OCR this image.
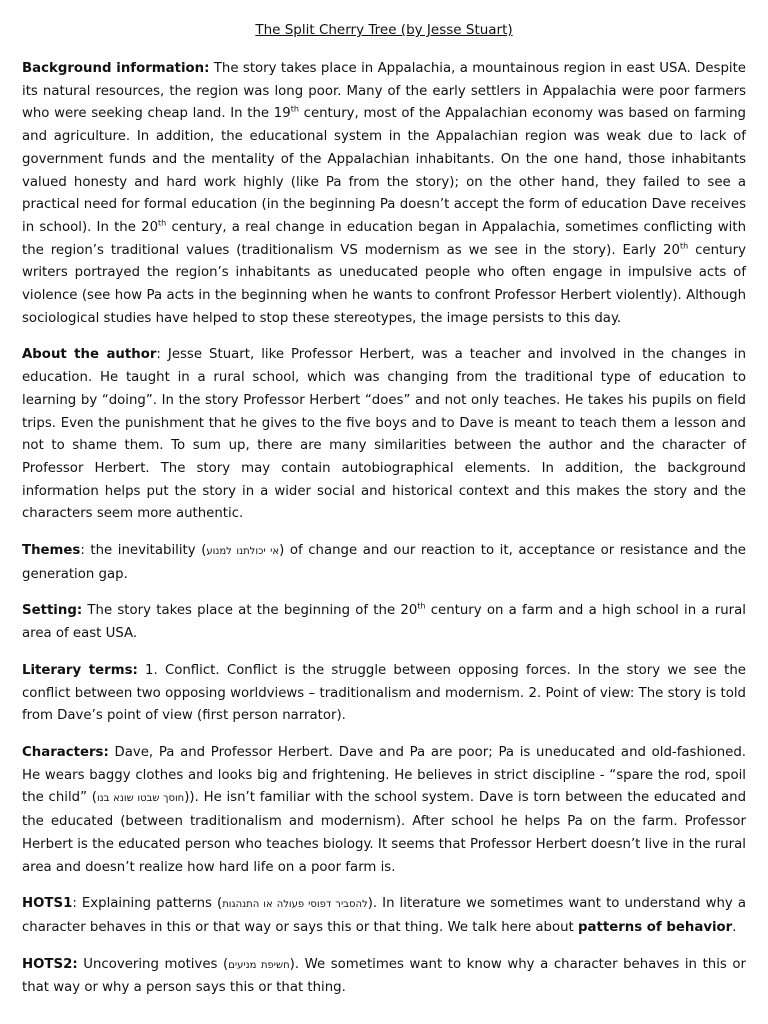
The Split Cherry Tree (by Jesse Stuart)

Background information: The story takes place in Appalachia, a mountainous region in east USA. Despite its natural resources, the region was long poor. Many of the early settlers in Appalachia were poor farmers who were seeking cheap land. In the 19th century, most of the Appalachian economy was based on farming and agriculture. In addition, the educational system in the Appalachian region was weak due to lack of government funds and the mentality of the Appalachian inhabitants. On the one hand, those inhabitants valued honesty and hard work highly (like Pa from the story); on the other hand, they failed to see a practical need for formal education (in the beginning Pa doesn’t accept the form of education Dave receives in school). In the 20th century, a real change in education began in Appalachia, sometimes conflicting with the region’s traditional values (traditionalism VS modernism as we see in the story). Early 20th century writers portrayed the region’s inhabitants as uneducated people who often engage in impulsive acts of violence (see how Pa acts in the beginning when he wants to confront Professor Herbert violently). Although sociological studies have helped to stop these stereotypes, the image persists to this day.

About the author: Jesse Stuart, like Professor Herbert, was a teacher and involved in the changes in education. He taught in a rural school, which was changing from the traditional type of education to learning by “doing”. In the story Professor Herbert “does” and not only teaches. He takes his pupils on field trips. Even the punishment that he gives to the five boys and to Dave is meant to teach them a lesson and not to shame them. To sum up, there are many similarities between the author and the character of Professor Herbert. The story may contain autobiographical elements. In addition, the background information helps put the story in a wider social and historical context and this makes the story and the characters seem more authentic.

Themes: the inevitability (אי יכולתנו למנוע) of change and our reaction to it, acceptance or resistance and the generation gap.

Setting: The story takes place at the beginning of the 20th century on a farm and a high school in a rural area of east USA.

Literary terms: 1. Conflict. Conflict is the struggle between opposing forces. In the story we see the conflict between two opposing worldviews – traditionalism and modernism. 2. Point of view: The story is told from Dave’s point of view (first person narrator).

Characters: Dave, Pa and Professor Herbert. Dave and Pa are poor; Pa is uneducated and old-fashioned. He wears baggy clothes and looks big and frightening. He believes in strict discipline - “spare the rod, spoil the child” (חוסך שבטו שונא בנו)). He isn’t familiar with the school system. Dave is torn between the educated and the educated (between traditionalism and modernism). After school he helps Pa on the farm. Professor Herbert is the educated person who teaches biology. It seems that Professor Herbert doesn’t live in the rural area and doesn’t realize how hard life on a poor farm is.

HOTS1: Explaining patterns (להסביר דפוסי פעולה או התנהגות). In literature we sometimes want to understand why a character behaves in this or that way or says this or that thing. We talk here about patterns of behavior.

HOTS2: Uncovering motives (חשיפת מניעים). We sometimes want to know why a character behaves in this or that way or why a person says this or that thing.
